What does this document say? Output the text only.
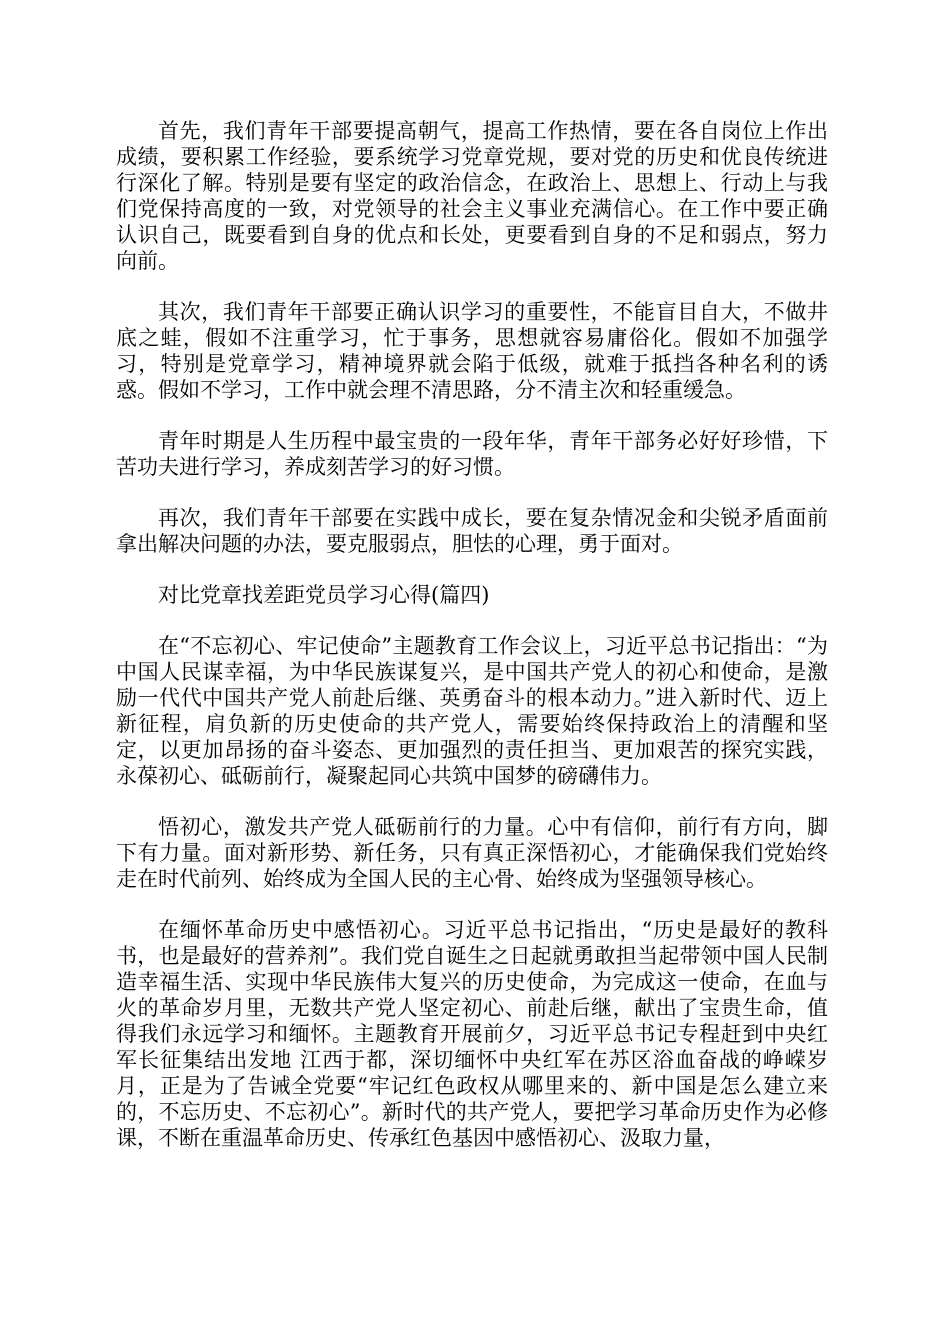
首先，我们青年干部要提高朝气，提高工作热情，要在各自岗位上作出成绩，要积累工作经验，要系统学习党章党规，要对党的历史和优良传统进行深化了解。特别是要有坚定的政治信念，在政治上、思想上、行动上与我们党保持高度的一致，对党领导的社会主义事业充满信心。在工作中要正确认识自己，既要看到自身的优点和长处，更要看到自身的不足和弱点，努力向前。

其次，我们青年干部要正确认识学习的重要性，不能盲目自大，不做井底之蛙，假如不注重学习，忙于事务，思想就容易庸俗化。假如不加强学习，特别是党章学习，精神境界就会陷于低级，就难于抵挡各种名利的诱惑。假如不学习，工作中就会理不清思路，分不清主次和轻重缓急。

青年时期是人生历程中最宝贵的一段年华，青年干部务必好好珍惜，下苦功夫进行学习，养成刻苦学习的好习惯。

再次，我们青年干部要在实践中成长，要在复杂情况金和尖锐矛盾面前拿出解决问题的办法，要克服弱点，胆怯的心理，勇于面对。

对比党章找差距党员学习心得(篇四)

在“不忘初心、牢记使命”主题教育工作会议上，习近平总书记指出：“为中国人民谋幸福，为中华民族谋复兴，是中国共产党人的初心和使命，是激励一代代中国共产党人前赴后继、英勇奋斗的根本动力。”进入新时代、迈上新征程，肩负新的历史使命的共产党人，需要始终保持政治上的清醒和坚定，以更加昂扬的奋斗姿态、更加强烈的责任担当、更加艰苦的探究实践，永葆初心、砥砺前行，凝聚起同心共筑中国梦的磅礴伟力。

悟初心，激发共产党人砥砺前行的力量。心中有信仰，前行有方向，脚下有力量。面对新形势、新任务，只有真正深悟初心，才能确保我们党始终走在时代前列、始终成为全国人民的主心骨、始终成为坚强领导核心。

在缅怀革命历史中感悟初心。习近平总书记指出，“历史是最好的教科书，也是最好的营养剂”。我们党自诞生之日起就勇敢担当起带领中国人民制造幸福生活、实现中华民族伟大复兴的历史使命，为完成这一使命，在血与火的革命岁月里，无数共产党人坚定初心、前赴后继，献出了宝贵生命，值得我们永远学习和缅怀。主题教育开展前夕，习近平总书记专程赶到中央红军长征集结出发地 江西于都，深切缅怀中央红军在苏区浴血奋战的峥嵘岁月，正是为了告诫全党要“牢记红色政权从哪里来的、新中国是怎么建立来的，不忘历史、不忘初心”。新时代的共产党人，要把学习革命历史作为必修课，不断在重温革命历史、传承红色基因中感悟初心、汲取力量，
